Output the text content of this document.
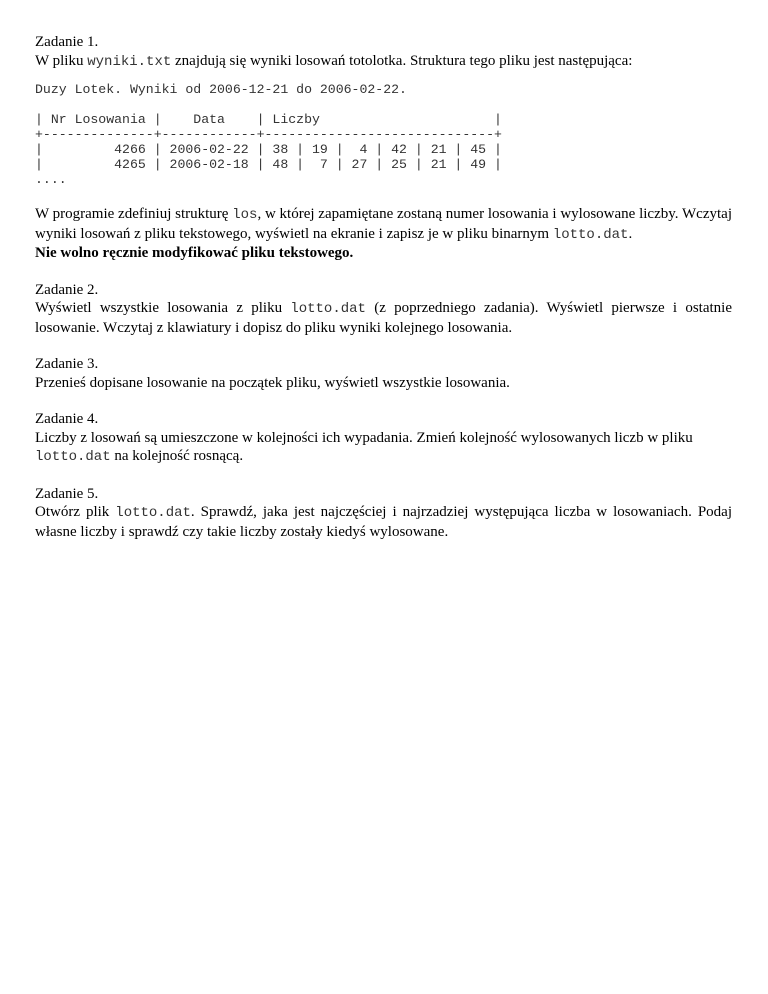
Zadanie 1.

W pliku wyniki.txt znajdują się wyniki losowań totolotka. Struktura tego pliku jest następująca:

Duzy Lotek. Wyniki od 2006-12-21 do 2006-02-22.
| Nr Losowania |    Data    | Liczby                      |
+--------------+------------+-----------------------------+
|         4266 | 2006-02-22 | 38 | 19 |  4 | 42 | 21 | 45 |
|         4265 | 2006-02-18 | 48 |  7 | 27 | 25 | 21 | 49 |
....

W programie zdefiniuj strukturę los, w której zapamiętane zostaną numer losowania i wylosowane liczby. Wczytaj wyniki losowań z pliku tekstowego, wyświetl na ekranie i zapisz je w pliku binarnym lotto.dat.
Nie wolno ręcznie modyfikować pliku tekstowego.

Zadanie 2.

Wyświetl wszystkie losowania z pliku lotto.dat (z poprzedniego zadania). Wyświetl pierwsze i ostatnie losowanie. Wczytaj z klawiatury i dopisz do pliku wyniki kolejnego losowania.

Zadanie 3.

Przenieś dopisane losowanie na początek pliku, wyświetl wszystkie losowania.

Zadanie 4.

Liczby z losowań są umieszczone w kolejności ich wypadania. Zmień kolejność wylosowanych liczb w pliku
lotto.dat na kolejność rosnącą.

Zadanie 5.

Otwórz plik lotto.dat. Sprawdź, jaka jest najczęściej i najrzadziej występująca liczba w losowaniach. Podaj własne liczby i sprawdź czy takie liczby zostały kiedyś wylosowane.
